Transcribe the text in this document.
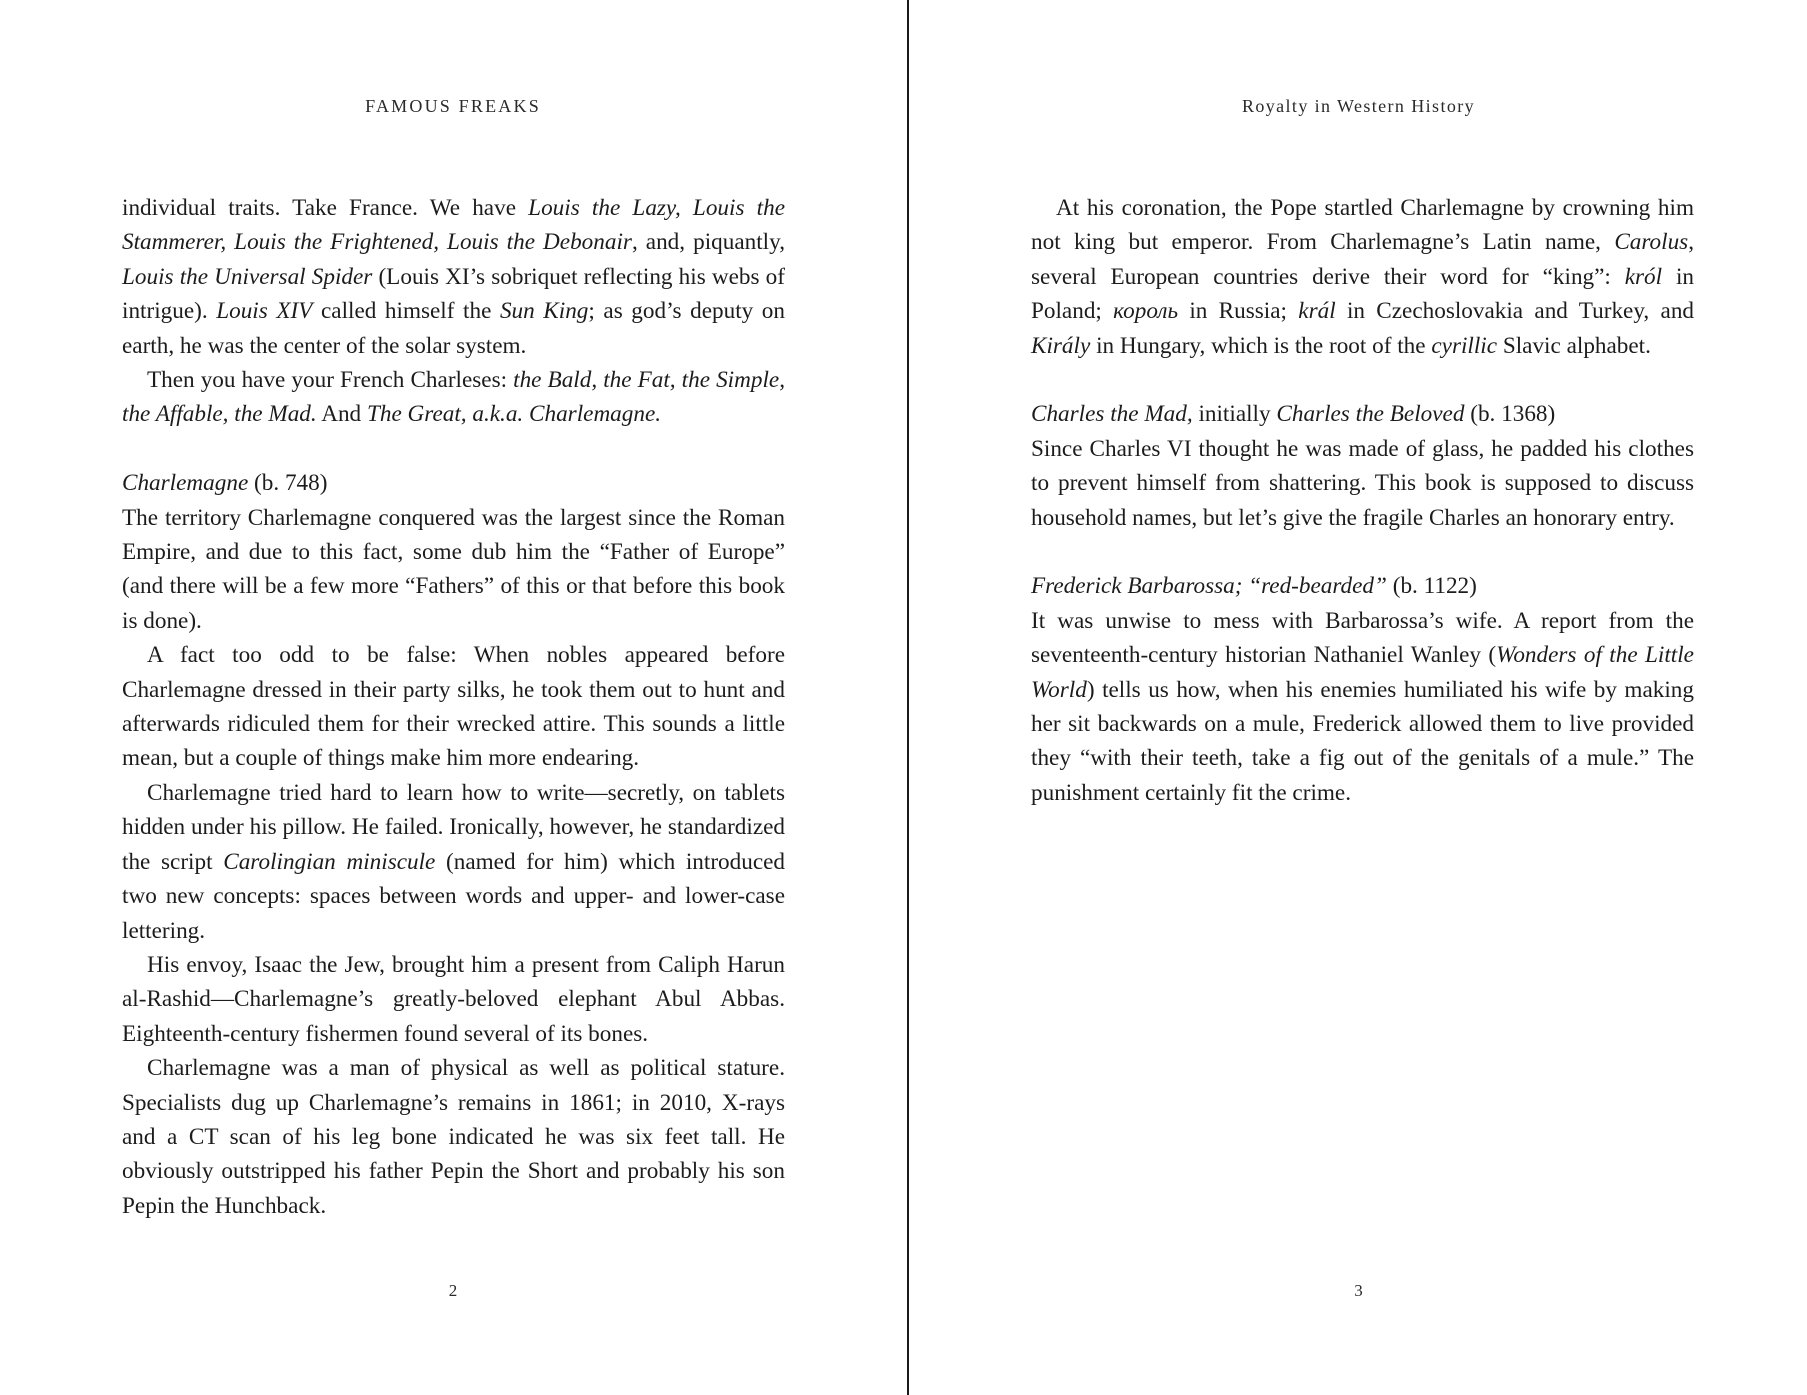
FAMOUS FREAKS

individual traits. Take France. We have Louis the Lazy, Louis the Stammerer, Louis the Frightened, Louis the Debonair, and, piquantly, Louis the Universal Spider (Louis XI’s sobriquet reflecting his webs of intrigue). Louis XIV called himself the Sun King; as god’s deputy on earth, he was the center of the solar system.

Then you have your French Charleses: the Bald, the Fat, the Simple, the Affable, the Mad. And The Great, a.k.a. Charlemagne.

Charlemagne (b. 748)

The territory Charlemagne conquered was the largest since the Roman Empire, and due to this fact, some dub him the “Father of Europe” (and there will be a few more “Fathers” of this or that before this book is done).

A fact too odd to be false: When nobles appeared before Charlemagne dressed in their party silks, he took them out to hunt and afterwards ridiculed them for their wrecked attire. This sounds a little mean, but a couple of things make him more endearing.

Charlemagne tried hard to learn how to write—secretly, on tablets hidden under his pillow. He failed. Ironically, however, he standardized the script Carolingian miniscule (named for him) which introduced two new concepts: spaces between words and upper- and lower-case lettering.

His envoy, Isaac the Jew, brought him a present from Caliph Harun al-Rashid—Charlemagne’s greatly-beloved elephant Abul Abbas. Eighteenth-century fishermen found several of its bones.

Charlemagne was a man of physical as well as political stature. Specialists dug up Charlemagne’s remains in 1861; in 2010, X-rays and a CT scan of his leg bone indicated he was six feet tall. He obviously outstripped his father Pepin the Short and probably his son Pepin the Hunchback.

2
Royalty in Western History

At his coronation, the Pope startled Charlemagne by crowning him not king but emperor. From Charlemagne’s Latin name, Carolus, several European countries derive their word for “king”: król in Poland; король in Russia; král in Czechoslovakia and Turkey, and Király in Hungary, which is the root of the cyrillic Slavic alphabet.

Charles the Mad, initially Charles the Beloved (b. 1368)

Since Charles VI thought he was made of glass, he padded his clothes to prevent himself from shattering. This book is supposed to discuss household names, but let’s give the fragile Charles an honorary entry.

Frederick Barbarossa; “red-bearded” (b. 1122)

It was unwise to mess with Barbarossa’s wife. A report from the seventeenth-century historian Nathaniel Wanley (Wonders of the Little World) tells us how, when his enemies humiliated his wife by making her sit backwards on a mule, Frederick allowed them to live provided they “with their teeth, take a fig out of the genitals of a mule.” The punishment certainly fit the crime.

3
